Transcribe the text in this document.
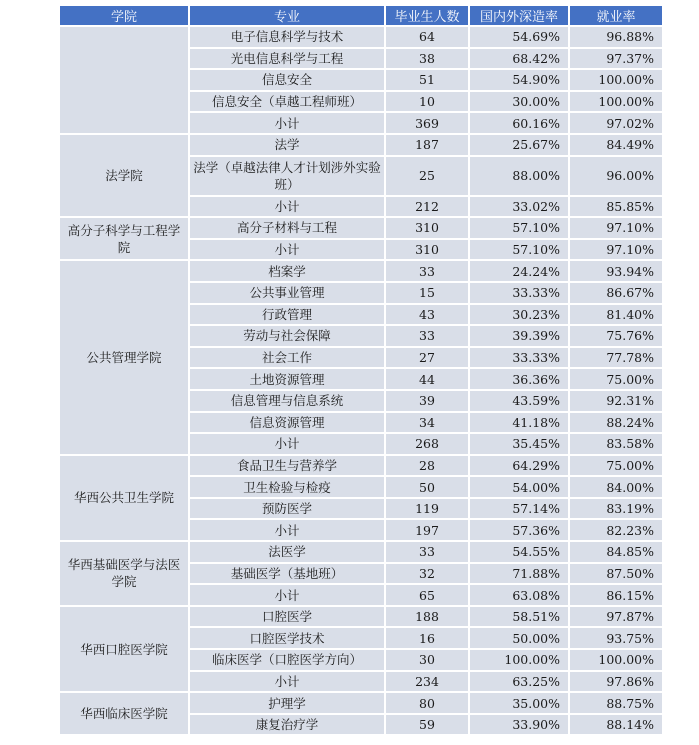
学院	专业	毕业生人数	国内外深造率	就业率
	电子信息科学与技术	64	54.69%	96.88%
	光电信息科学与工程	38	68.42%	97.37%
	信息安全	51	54.90%	100.00%
	信息安全（卓越工程师班）	10	30.00%	100.00%
	小计	369	60.16%	97.02%
法学院	法学	187	25.67%	84.49%
	法学（卓越法律人才计划涉外实验班）	25	88.00%	96.00%
	小计	212	33.02%	85.85%
高分子科学与工程学院	高分子材料与工程	310	57.10%	97.10%
	小计	310	57.10%	97.10%
公共管理学院	档案学	33	24.24%	93.94%
	公共事业管理	15	33.33%	86.67%
	行政管理	43	30.23%	81.40%
	劳动与社会保障	33	39.39%	75.76%
	社会工作	27	33.33%	77.78%
	土地资源管理	44	36.36%	75.00%
	信息管理与信息系统	39	43.59%	92.31%
	信息资源管理	34	41.18%	88.24%
	小计	268	35.45%	83.58%
华西公共卫生学院	食品卫生与营养学	28	64.29%	75.00%
	卫生检验与检疫	50	54.00%	84.00%
	预防医学	119	57.14%	83.19%
	小计	197	57.36%	82.23%
华西基础医学与法医学院	法医学	33	54.55%	84.85%
	基础医学（基地班）	32	71.88%	87.50%
	小计	65	63.08%	86.15%
华西口腔医学院	口腔医学	188	58.51%	97.87%
	口腔医学技术	16	50.00%	93.75%
	临床医学（口腔医学方向）	30	100.00%	100.00%
	小计	234	63.25%	97.86%
华西临床医学院	护理学	80	35.00%	88.75%
	康复治疗学	59	33.90%	88.14%
